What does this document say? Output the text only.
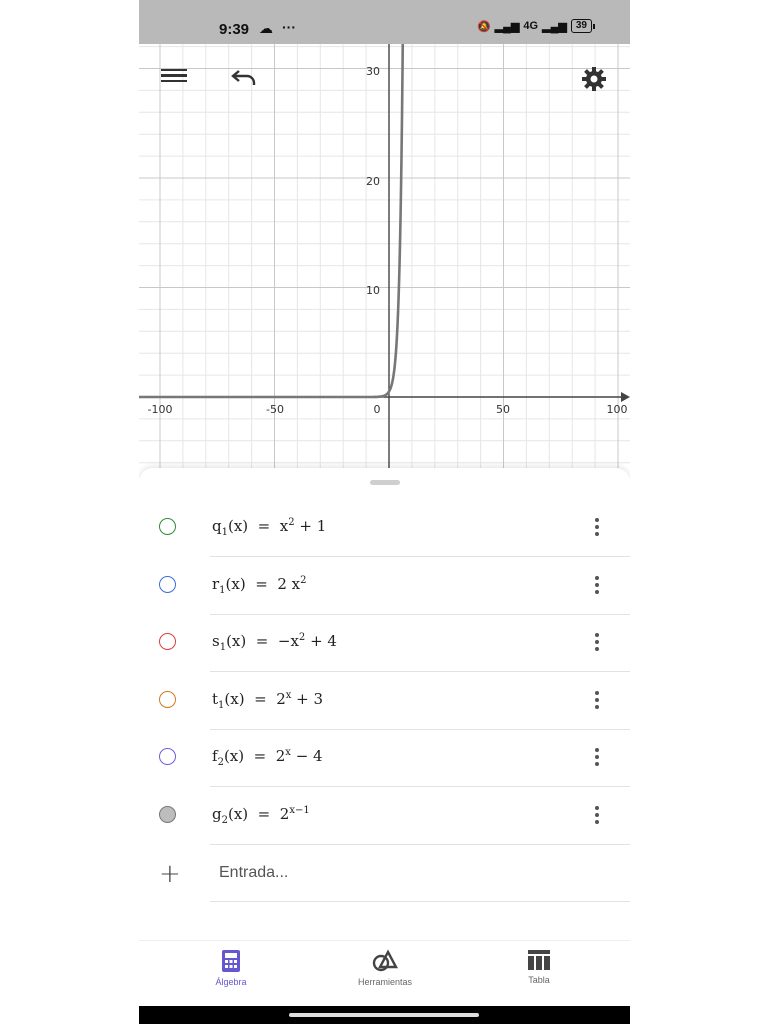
9:39 ☁ ···	🔕 ▂▄▆ 4G ▂▄▆ 39
-100	-50	0	50	100
10
20
30
$q_1(x) = x^2 + 1$
$r_1(x) = 2$ $x^2$
$s_1(x) = -x^2 + 4$
$t_1(x) = 2^x + 3$
$f_2(x) = 2^x - 4$
$g_2(x) = 2^{x-1}$
+ Entrada...
Álgebra	Herramientas	Tabla
